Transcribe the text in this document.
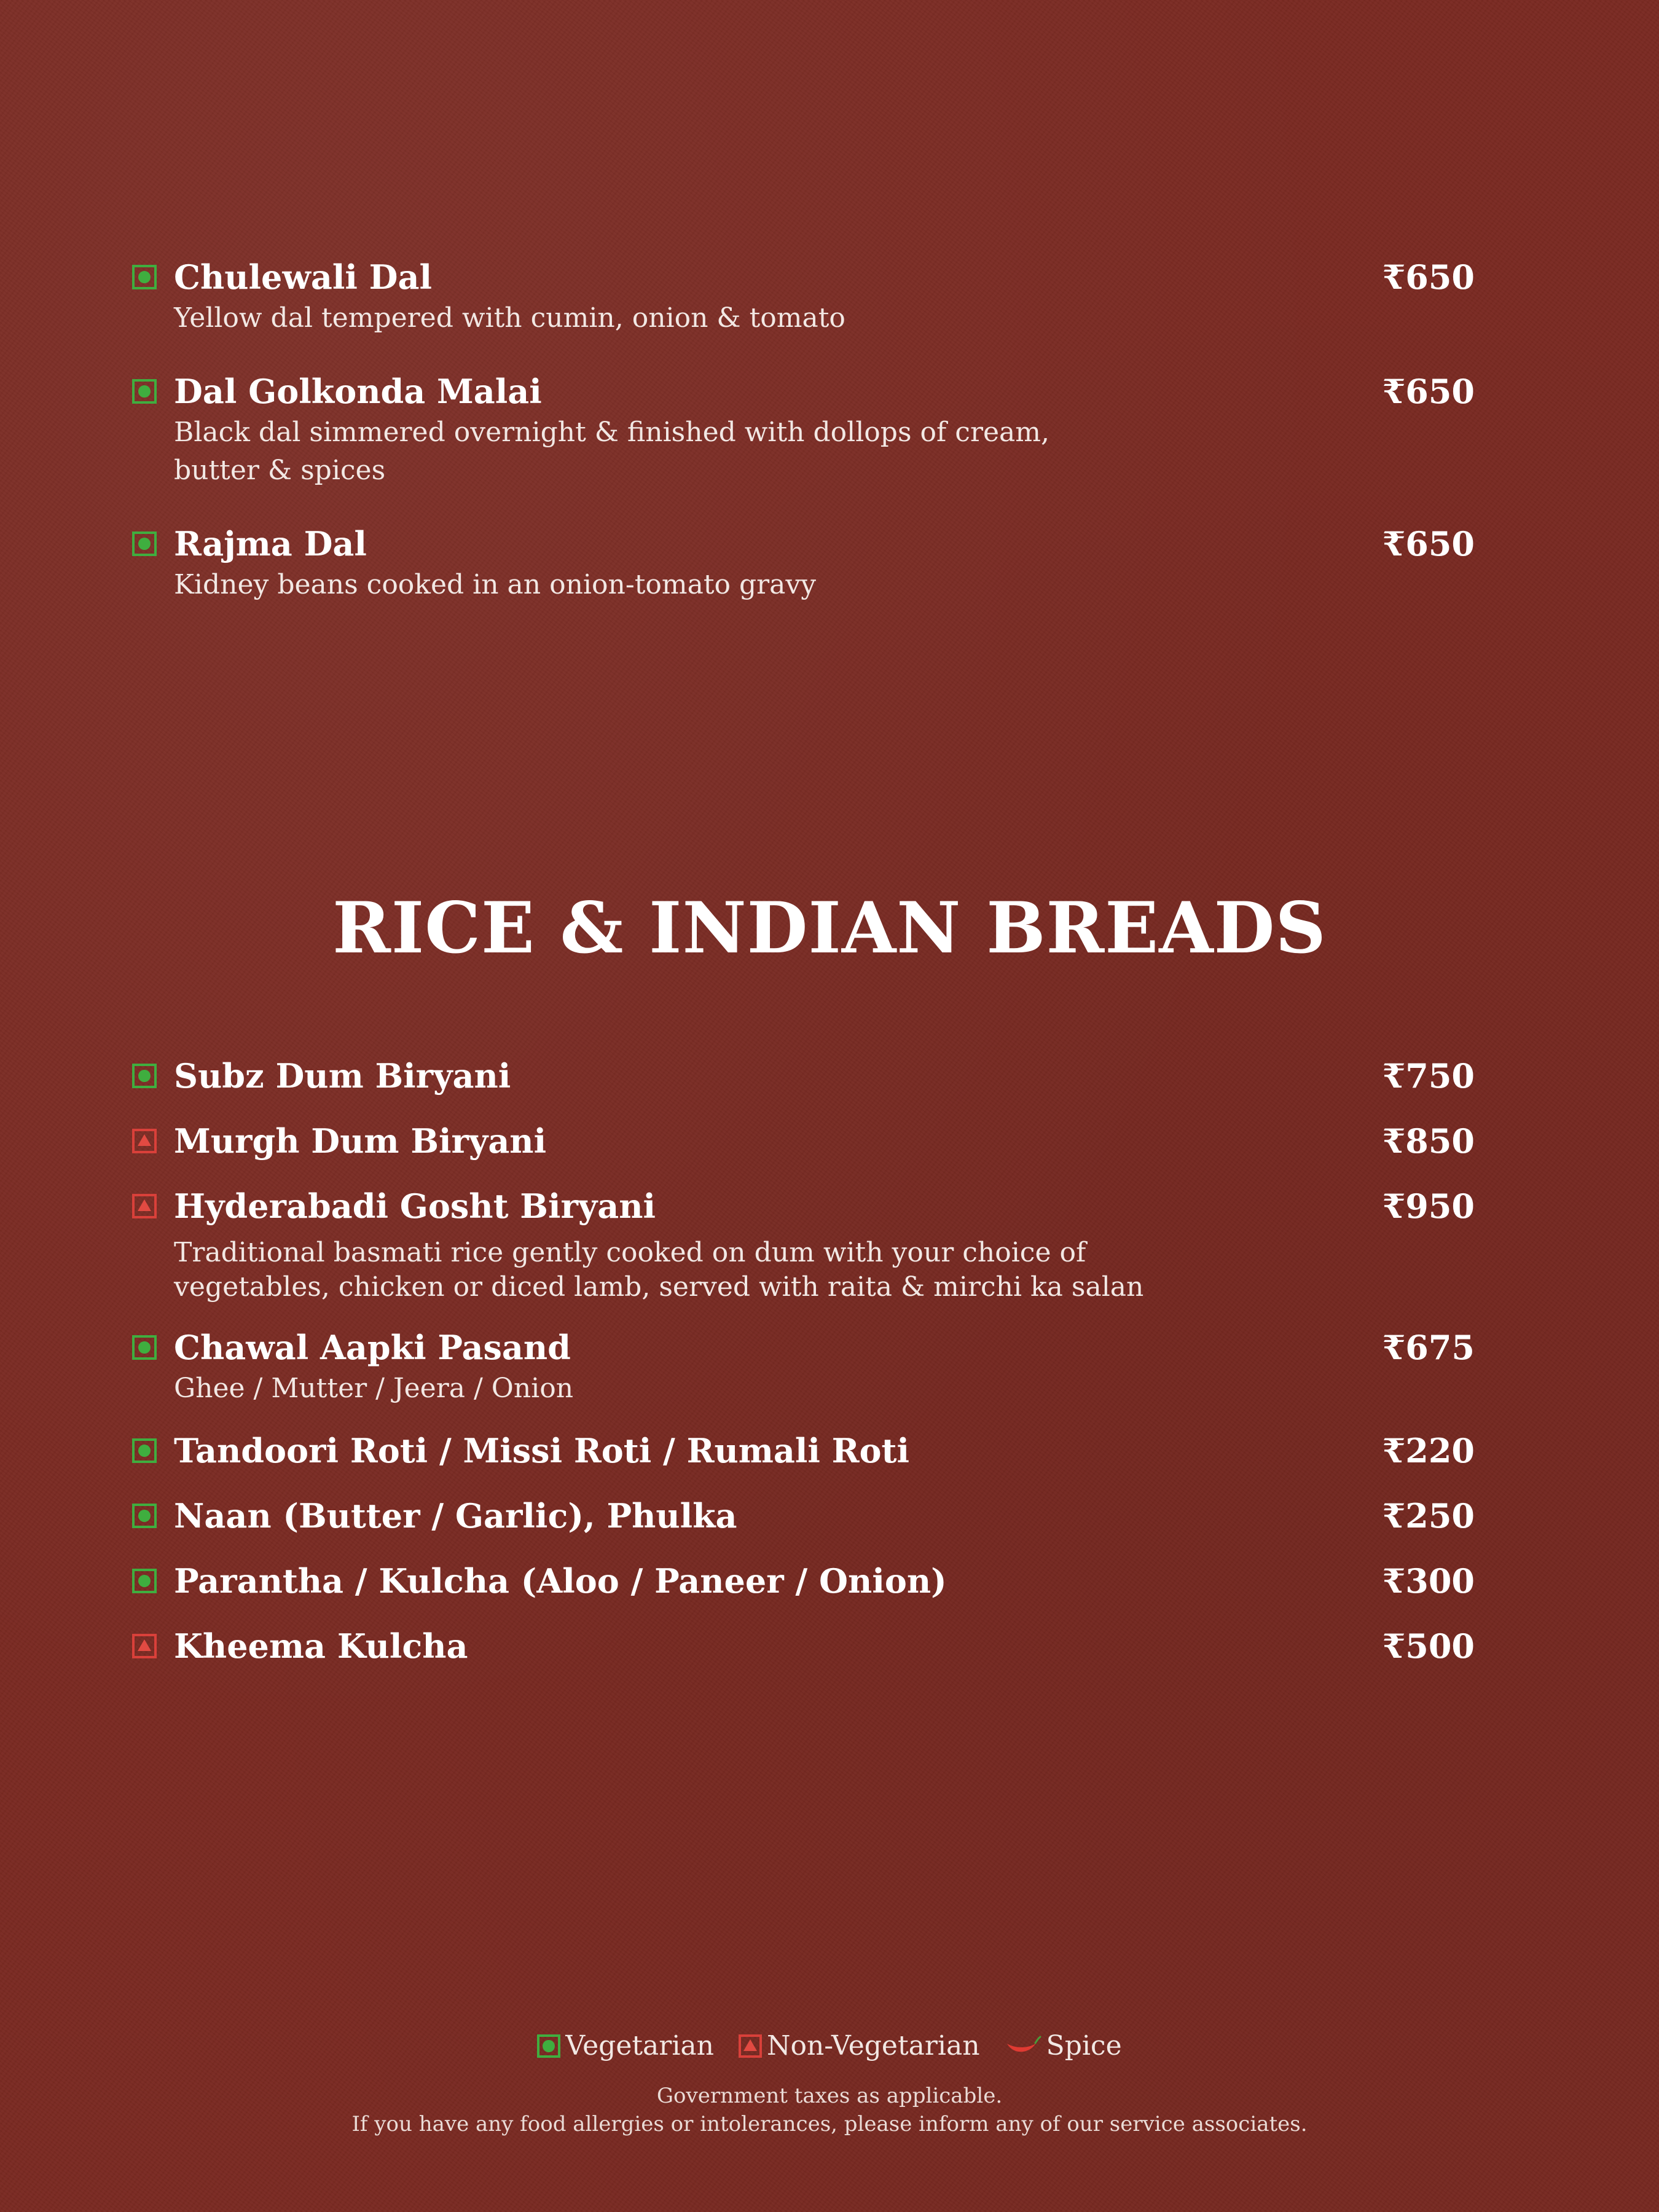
Chulewali Dal	₹650
Yellow dal tempered with cumin, onion & tomato
Dal Golkonda Malai	₹650
Black dal simmered overnight & finished with dollops of cream,
butter & spices
Rajma Dal	₹650
Kidney beans cooked in an onion-tomato gravy
RICE & INDIAN BREADS
Subz Dum Biryani	₹750
Murgh Dum Biryani	₹850
Hyderabadi Gosht Biryani	₹950
Traditional basmati rice gently cooked on dum with your choice of
vegetables, chicken or diced lamb, served with raita & mirchi ka salan
Chawal Aapki Pasand	₹675
Ghee / Mutter / Jeera / Onion
Tandoori Roti / Missi Roti / Rumali Roti	₹220
Naan (Butter / Garlic), Phulka	₹250
Parantha / Kulcha (Aloo / Paneer / Onion)	₹300
Kheema Kulcha	₹500
Vegetarian Non-Vegetarian Spice
Government taxes as applicable.
If you have any food allergies or intolerances, please inform any of our service associates.
